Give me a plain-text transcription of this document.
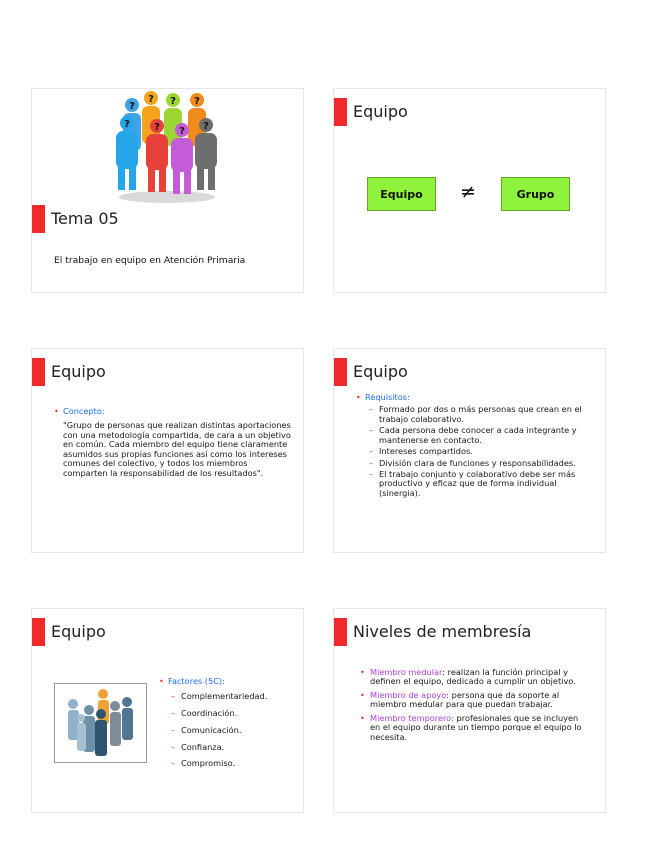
?
? ? ?
? ? ? ?
Tema 05
El trabajo en equipo en Atención Primaria
Equipo
Equipo	≠	Grupo
Equipo
• Concepto:
"Grupo de personas que realizan distintas aportaciones con una metodología compartida, de cara a un objetivo en común. Cada miembro del equipo tiene claramente asumidos sus propias funciones así como los intereses comunes del colectivo, y todos los miembros comparten la responsabilidad de los resultados".
Equipo
• Requisitos:
– Formado por dos o más personas que crean en el trabajo colaborativo.
– Cada persona debe conocer a cada integrante y mantenerse en contacto.
– Intereses compartidos.
– División clara de funciones y responsabilidades.
– El trabajo conjunto y colaborativo debe ser más productivo y eficaz que de forma individual (sinergia).
Equipo
• Factores (5C):
– Complementariedad.
– Coordinación.
– Comunicación.
– Confianza.
– Compromiso.
Niveles de membresía
• Miembro medular: realizan la función principal y definen el equipo, dedicado a cumplir un objetivo.
• Miembro de apoyo: persona que da soporte al miembro medular para que puedan trabajar.
• Miembro temporero: profesionales que se incluyen en el equipo durante un tiempo porque el equipo lo necesita.
